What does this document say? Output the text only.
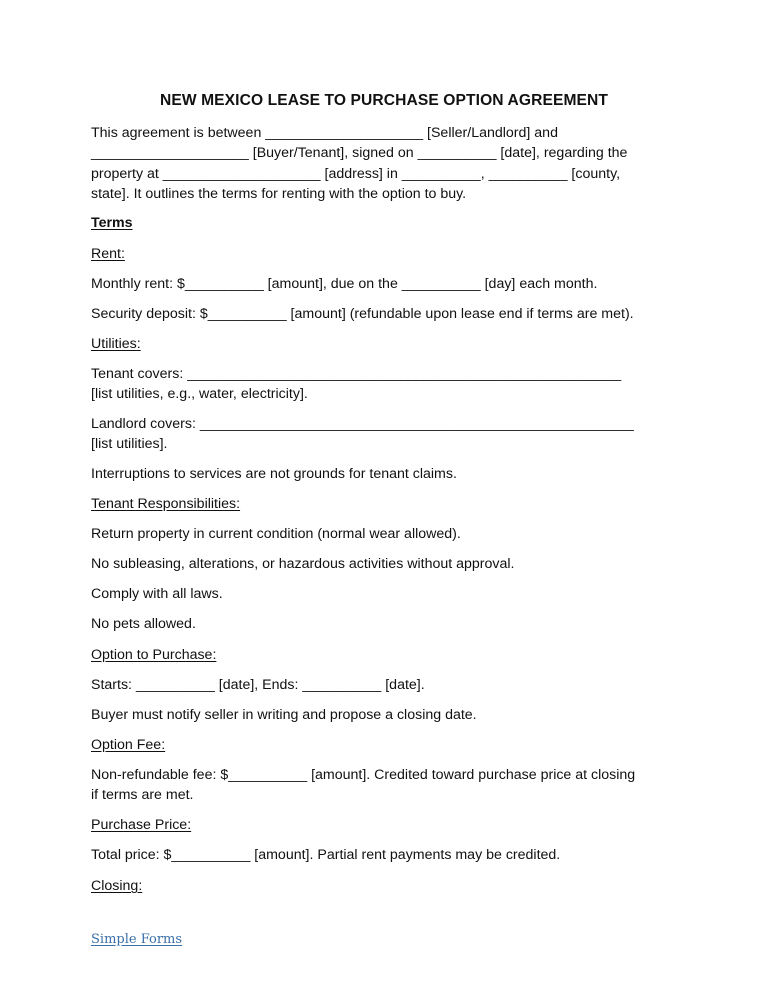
NEW MEXICO LEASE TO PURCHASE OPTION AGREEMENT
This agreement is between ____________________ [Seller/Landlord] and
____________________ [Buyer/Tenant], signed on __________ [date], regarding the
property at ____________________ [address] in __________, __________ [county,
state]. It outlines the terms for renting with the option to buy.
Terms
Rent:
Monthly rent: $__________ [amount], due on the __________ [day] each month.
Security deposit: $__________ [amount] (refundable upon lease end if terms are met).
Utilities:
Tenant covers: _______________________________________________________
[list utilities, e.g., water, electricity].
Landlord covers: _______________________________________________________
[list utilities].
Interruptions to services are not grounds for tenant claims.
Tenant Responsibilities:
Return property in current condition (normal wear allowed).
No subleasing, alterations, or hazardous activities without approval.
Comply with all laws.
No pets allowed.
Option to Purchase:
Starts: __________ [date], Ends: __________ [date].
Buyer must notify seller in writing and propose a closing date.
Option Fee:
Non-refundable fee: $__________ [amount]. Credited toward purchase price at closing
if terms are met.
Purchase Price:
Total price: $__________ [amount]. Partial rent payments may be credited.
Closing:
Simple Forms
